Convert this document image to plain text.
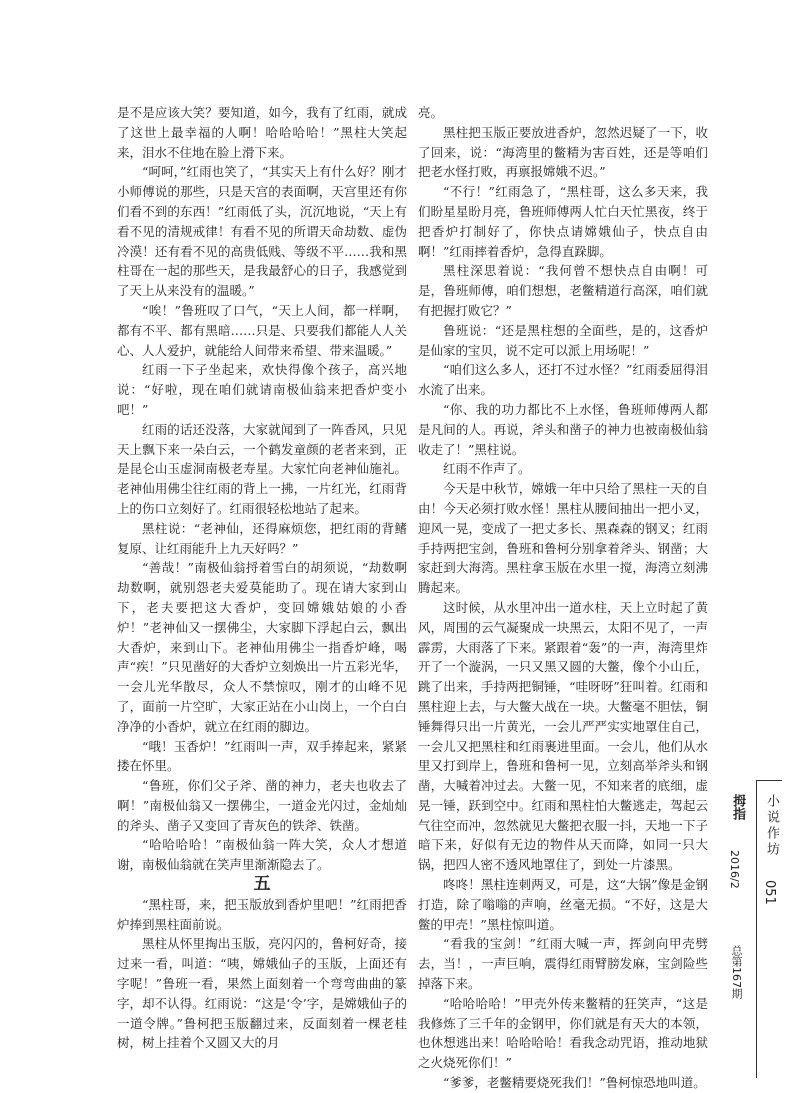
是不是应该大笑？要知道，如今，我有了红雨，就成了这世上最幸福的人啊！哈哈哈哈！”黑柱大笑起来，泪水不住地在脸上滑下来。

“呵呵，”红雨也笑了，“其实天上有什么好？刚才小师傅说的那些，只是天宫的表面啊，天宫里还有你们看不到的东西！”红雨低了头，沉沉地说，“天上有看不见的清规戒律！有看不见的所谓天命劫数、虚伪冷漠！还有看不见的高贵低贱、等级不平……我和黑柱哥在一起的那些天，是我最舒心的日子，我感觉到了天上从来没有的温暖。”

“唉！”鲁班叹了口气，“天上人间，都一样啊，都有不平、都有黑暗……只是、只要我们都能人人关心、人人爱护，就能给人间带来希望、带来温暖。”

红雨一下子坐起来，欢快得像个孩子，高兴地说：“好啦，现在咱们就请南极仙翁来把香炉变小吧！”

红雨的话还没落，大家就闻到了一阵香风，只见天上飘下来一朵白云，一个鹤发童颜的老者来到，正是昆仑山玉虚洞南极老寿星。大家忙向老神仙施礼。老神仙用佛尘往红雨的背上一拂，一片红光，红雨背上的伤口立刻好了。红雨很轻松地站了起来。

黑柱说：“老神仙，还得麻烦您，把红雨的背鳍复原、让红雨能升上九天好吗？”

“善哉！”南极仙翁捋着雪白的胡须说，“劫数啊劫数啊，就别怨老夫爱莫能助了。现在请大家到山下，老夫要把这大香炉，变回嫦娥姑娘的小香炉！”老神仙又一摆佛尘，大家脚下浮起白云，飘出大香炉，来到山下。老神仙用佛尘一指香炉峰，喝声“疾！”只见凿好的大香炉立刻焕出一片五彩光华，一会儿光华散尽，众人不禁惊叹，刚才的山峰不见了，面前一片空旷，大家正站在小山岗上，一个白白净净的小香炉，就立在红雨的脚边。

“哦！玉香炉！”红雨叫一声，双手捧起来，紧紧搂在怀里。

“鲁班，你们父子斧、凿的神力，老夫也收去了啊！”南极仙翁又一摆佛尘，一道金光闪过，金灿灿的斧头、凿子又变回了青灰色的铁斧、铁凿。

“哈哈哈哈！”南极仙翁一阵大笑，众人才想道谢，南极仙翁就在笑声里渐渐隐去了。

五

“黑柱哥，来，把玉版放到香炉里吧！”红雨把香炉捧到黑柱面前说。

黑柱从怀里掏出玉版，亮闪闪的，鲁柯好奇，接过来一看，叫道：“咦，嫦娥仙子的玉版，上面还有字呢！”鲁班一看，果然上面刻着一个弯弯曲曲的篆字，却不认得。红雨说：“这是‘令’字，是嫦娥仙子的一道令牌。”鲁柯把玉版翻过来，反面刻着一棵老桂树，树上挂着个又圆又大的月

亮。

黑柱把玉版正要放进香炉，忽然迟疑了一下，收了回来，说：“海湾里的鳖精为害百姓，还是等咱们把老水怪打败，再禀报嫦娥不迟。”

“不行！”红雨急了，“黑柱哥，这么多天来，我们盼星星盼月亮，鲁班师傅两人忙白天忙黑夜，终于把香炉打制好了，你快点请嫦娥仙子，快点自由啊！”红雨摔着香炉，急得直跺脚。

黑柱深思着说：“我何曾不想快点自由啊！可是，鲁班师傅，咱们想想，老鳖精道行高深，咱们就有把握打败它？”

鲁班说：“还是黑柱想的全面些，是的，这香炉是仙家的宝贝，说不定可以派上用场呢！”

“咱们这么多人，还打不过水怪？”红雨委屈得泪水流了出来。

“你、我的功力都比不上水怪，鲁班师傅两人都是凡间的人。再说，斧头和凿子的神力也被南极仙翁收走了！”黑柱说。

红雨不作声了。

今天是中秋节，嫦娥一年中只给了黑柱一天的自由！今天必须打败水怪！黑柱从腰间抽出一把小叉，迎风一晃，变成了一把丈多长、黑森森的钢叉；红雨手持两把宝剑，鲁班和鲁柯分别拿着斧头、钢凿；大家赶到大海湾。黑柱拿玉版在水里一搅，海湾立刻沸腾起来。

这时候，从水里冲出一道水柱，天上立时起了黄风，周围的云气凝聚成一块黑云，太阳不见了，一声霹雳，大雨落了下来。紧跟着“轰”的一声，海湾里炸开了一个漩涡，一只又黑又圆的大鳖，像个小山丘，跳了出来，手持两把铜锤，“哇呀呀”狂叫着。红雨和黑柱迎上去，与大鳖大战在一块。大鳖毫不胆怯，铜锤舞得只出一片黄光，一会儿严严实实地罩住自己，一会儿又把黑柱和红雨裹进里面。一会儿，他们从水里又打到岸上，鲁班和鲁柯一见，立刻高举斧头和钢凿，大喊着冲过去。大鳖一见，不知来者的底细，虚晃一锤，跃到空中。红雨和黑柱怕大鳖逃走，驾起云气往空而冲，忽然就见大鳖把衣服一抖，天地一下子暗下来，好似有无边的物件从天而降，如同一只大锅，把四人密不透风地罩住了，到处一片漆黑。

咚咚！黑柱连刺两叉，可是，这“大锅”像是金钢打造，除了嗡嗡的声响，丝毫无损。“不好，这是大鳖的甲壳！”黑柱惊叫道。

“看我的宝剑！”红雨大喊一声，挥剑向甲壳劈去，当！，一声巨响，震得红雨臂膀发麻，宝剑险些掉落下来。

“哈哈哈哈！”甲壳外传来鳖精的狂笑声，“这是我修炼了三千年的金钢甲，你们就是有天大的本领，也休想逃出来！哈哈哈哈！看我念动咒语，推动地狱之火烧死你们！”

“爹爹，老鳖精要烧死我们！”鲁柯惊恐地叫道。

拇指
2016/2
总第167期
小说作坊
051
